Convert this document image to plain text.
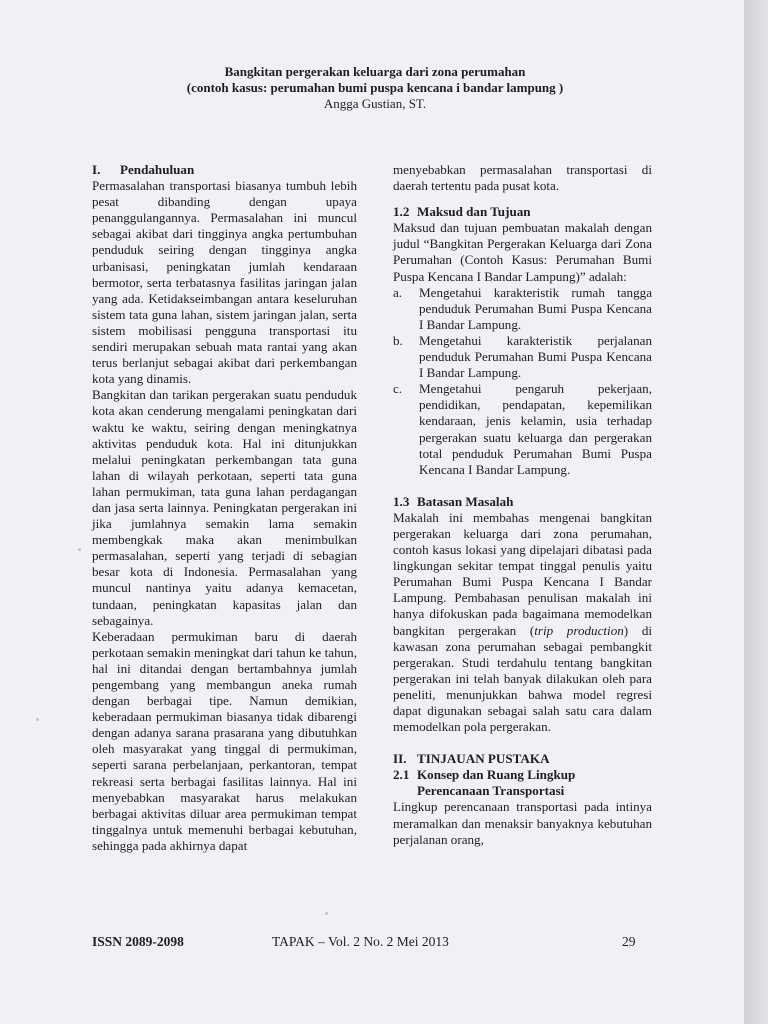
Bangkitan pergerakan keluarga dari zona perumahan

(contoh kasus: perumahan bumi puspa kencana i bandar lampung )

Angga Gustian, ST.

I. Pendahuluan

Permasalahan transportasi biasanya tumbuh lebih pesat dibanding dengan upaya penanggulangannya. Permasalahan ini muncul sebagai akibat dari tingginya angka pertumbuhan penduduk seiring dengan tingginya angka urbanisasi, peningkatan jumlah kendaraan bermotor, serta terbatasnya fasilitas jaringan jalan yang ada. Ketidakseimbangan antara keseluruhan sistem tata guna lahan, sistem jaringan jalan, serta sistem mobilisasi pengguna transportasi itu sendiri merupakan sebuah mata rantai yang akan terus berlanjut sebagai akibat dari perkembangan kota yang dinamis.

Bangkitan dan tarikan pergerakan suatu penduduk kota akan cenderung mengalami peningkatan dari waktu ke waktu, seiring dengan meningkatnya aktivitas penduduk kota. Hal ini ditunjukkan melalui peningkatan perkembangan tata guna lahan di wilayah perkotaan, seperti tata guna lahan permukiman, tata guna lahan perdagangan dan jasa serta lainnya. Peningkatan pergerakan ini jika jumlahnya semakin lama semakin membengkak maka akan menimbulkan permasalahan, seperti yang terjadi di sebagian besar kota di Indonesia. Permasalahan yang muncul nantinya yaitu adanya kemacetan, tundaan, peningkatan kapasitas jalan dan sebagainya.

Keberadaan permukiman baru di daerah perkotaan semakin meningkat dari tahun ke tahun, hal ini ditandai dengan bertambahnya jumlah pengembang yang membangun aneka rumah dengan berbagai tipe. Namun demikian, keberadaan permukiman biasanya tidak dibarengi dengan adanya sarana prasarana yang dibutuhkan oleh masyarakat yang tinggal di permukiman, seperti sarana perbelanjaan, perkantoran, tempat rekreasi serta berbagai fasilitas lainnya. Hal ini menyebabkan masyarakat harus melakukan berbagai aktivitas diluar area permukiman tempat tinggalnya untuk memenuhi berbagai kebutuhan, sehingga pada akhirnya dapat

menyebabkan permasalahan transportasi di daerah tertentu pada pusat kota.

1.2 Maksud dan Tujuan

Maksud dan tujuan pembuatan makalah dengan judul “Bangkitan Pergerakan Keluarga dari Zona Perumahan (Contoh Kasus: Perumahan Bumi Puspa Kencana I Bandar Lampung)” adalah:

a. Mengetahui karakteristik rumah tangga penduduk Perumahan Bumi Puspa Kencana I Bandar Lampung.
b. Mengetahui karakteristik perjalanan penduduk Perumahan Bumi Puspa Kencana I Bandar Lampung.
c. Mengetahui pengaruh pekerjaan, pendidikan, pendapatan, kepemilikan kendaraan, jenis kelamin, usia terhadap pergerakan suatu keluarga dan pergerakan total penduduk Perumahan Bumi Puspa Kencana I Bandar Lampung.

1.3 Batasan Masalah

Makalah ini membahas mengenai bangkitan pergerakan keluarga dari zona perumahan, contoh kasus lokasi yang dipelajari dibatasi pada lingkungan sekitar tempat tinggal penulis yaitu Perumahan Bumi Puspa Kencana I Bandar Lampung. Pembahasan penulisan makalah ini hanya difokuskan pada bagaimana memodelkan bangkitan pergerakan (trip production) di kawasan zona perumahan sebagai pembangkit pergerakan. Studi terdahulu tentang bangkitan pergerakan ini telah banyak dilakukan oleh para peneliti, menunjukkan bahwa model regresi dapat digunakan sebagai salah satu cara dalam memodelkan pola pergerakan.

II. TINJAUAN PUSTAKA

2.1 Konsep dan Ruang Lingkup
Perencanaan Transportasi

Lingkup perencanaan transportasi pada intinya meramalkan dan menaksir banyaknya kebutuhan perjalanan orang,

ISSN 2089-2098	TAPAK – Vol. 2 No. 2 Mei 2013	29
